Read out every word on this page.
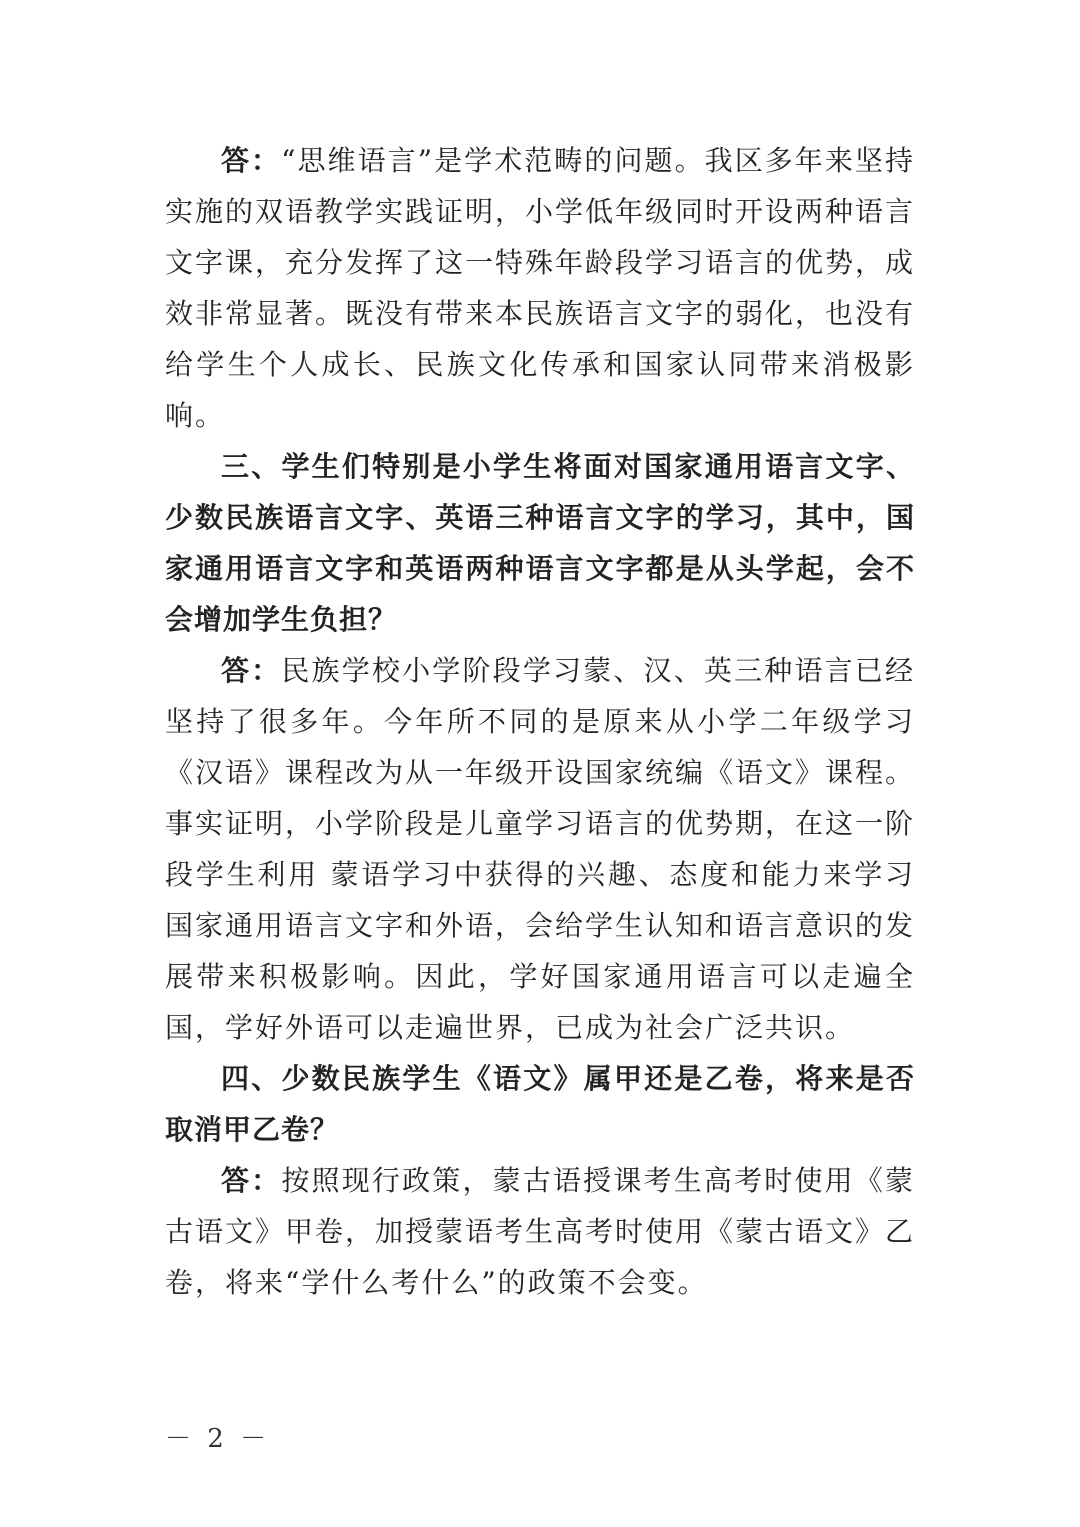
答：“思维语言”是学术范畴的问题。我区多年来坚持实施的双语教学实践证明，小学低年级同时开设两种语言文字课，充分发挥了这一特殊年龄段学习语言的优势，成效非常显著。既没有带来本民族语言文字的弱化，也没有给学生个人成长、民族文化传承和国家认同带来消极影响。

三、学生们特别是小学生将面对国家通用语言文字、少数民族语言文字、英语三种语言文字的学习，其中，国家通用语言文字和英语两种语言文字都是从头学起，会不会增加学生负担？

答：民族学校小学阶段学习蒙、汉、英三种语言已经坚持了很多年。今年所不同的是原来从小学二年级学习《汉语》课程改为从一年级开设国家统编《语文》课程。事实证明，小学阶段是儿童学习语言的优势期，在这一阶段学生利用 蒙语学习中获得的兴趣、态度和能力来学习国家通用语言文字和外语，会给学生认知和语言意识的发展带来积极影响。因此，学好国家通用语言可以走遍全国，学好外语可以走遍世界，已成为社会广泛共识。

四、少数民族学生《语文》属甲还是乙卷，将来是否取消甲乙卷？

答：按照现行政策，蒙古语授课考生高考时使用《蒙古语文》甲卷，加授蒙语考生高考时使用《蒙古语文》乙卷，将来“学什么考什么”的政策不会变。

－ 2 －
